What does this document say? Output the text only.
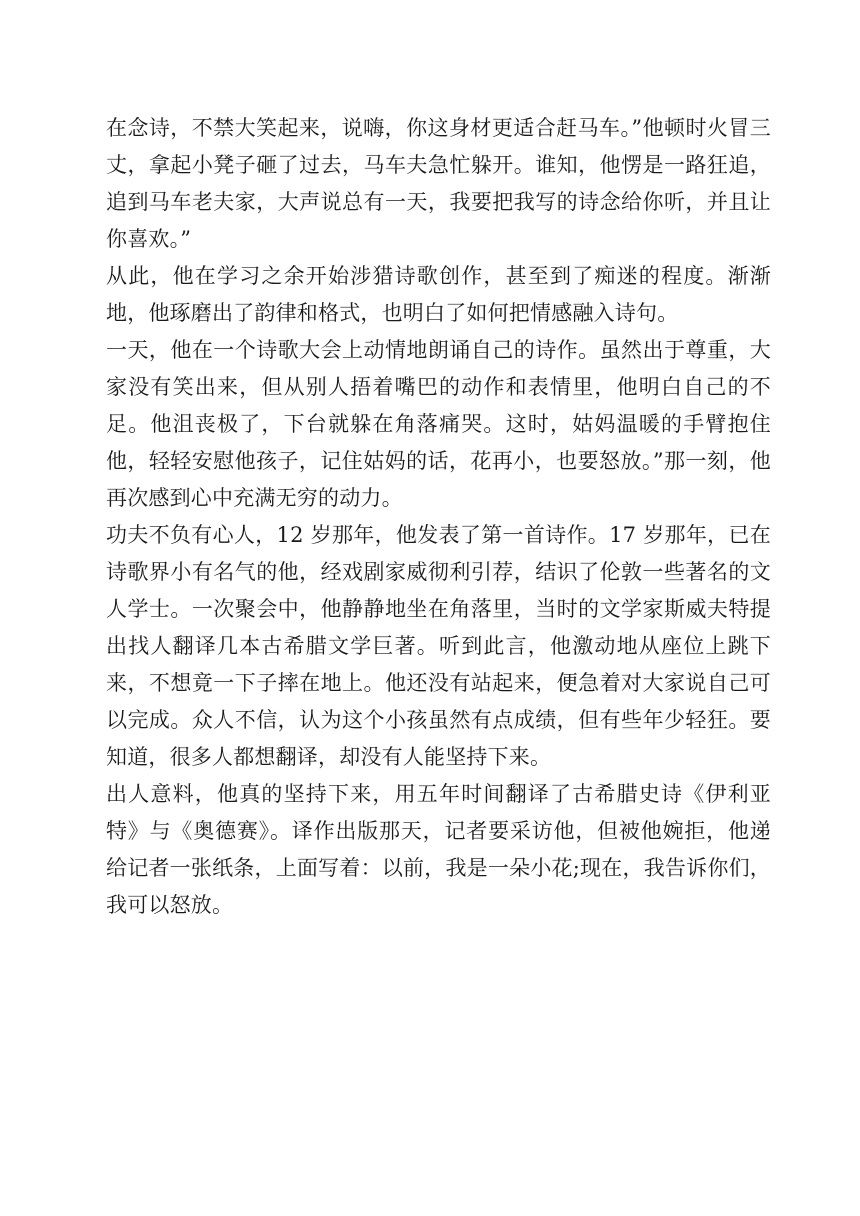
在念诗，不禁大笑起来，说嗨，你这身材更适合赶马车。”他顿时火冒三丈，拿起小凳子砸了过去，马车夫急忙躲开。谁知，他愣是一路狂追，追到马车老夫家，大声说总有一天，我要把我写的诗念给你听，并且让你喜欢。”

从此，他在学习之余开始涉猎诗歌创作，甚至到了痴迷的程度。渐渐地，他琢磨出了韵律和格式，也明白了如何把情感融入诗句。

一天，他在一个诗歌大会上动情地朗诵自己的诗作。虽然出于尊重，大家没有笑出来，但从别人捂着嘴巴的动作和表情里，他明白自己的不足。他沮丧极了，下台就躲在角落痛哭。这时，姑妈温暖的手臂抱住他，轻轻安慰他孩子，记住姑妈的话，花再小，也要怒放。”那一刻，他再次感到心中充满无穷的动力。

功夫不负有心人，12 岁那年，他发表了第一首诗作。17 岁那年，已在诗歌界小有名气的他，经戏剧家威彻利引荐，结识了伦敦一些著名的文人学士。一次聚会中，他静静地坐在角落里，当时的文学家斯威夫特提出找人翻译几本古希腊文学巨著。听到此言，他激动地从座位上跳下来，不想竟一下子摔在地上。他还没有站起来，便急着对大家说自己可以完成。众人不信，认为这个小孩虽然有点成绩，但有些年少轻狂。要知道，很多人都想翻译，却没有人能坚持下来。

出人意料，他真的坚持下来，用五年时间翻译了古希腊史诗《伊利亚特》与《奥德赛》。译作出版那天，记者要采访他，但被他婉拒，他递给记者一张纸条，上面写着：以前，我是一朵小花;现在，我告诉你们，我可以怒放。
